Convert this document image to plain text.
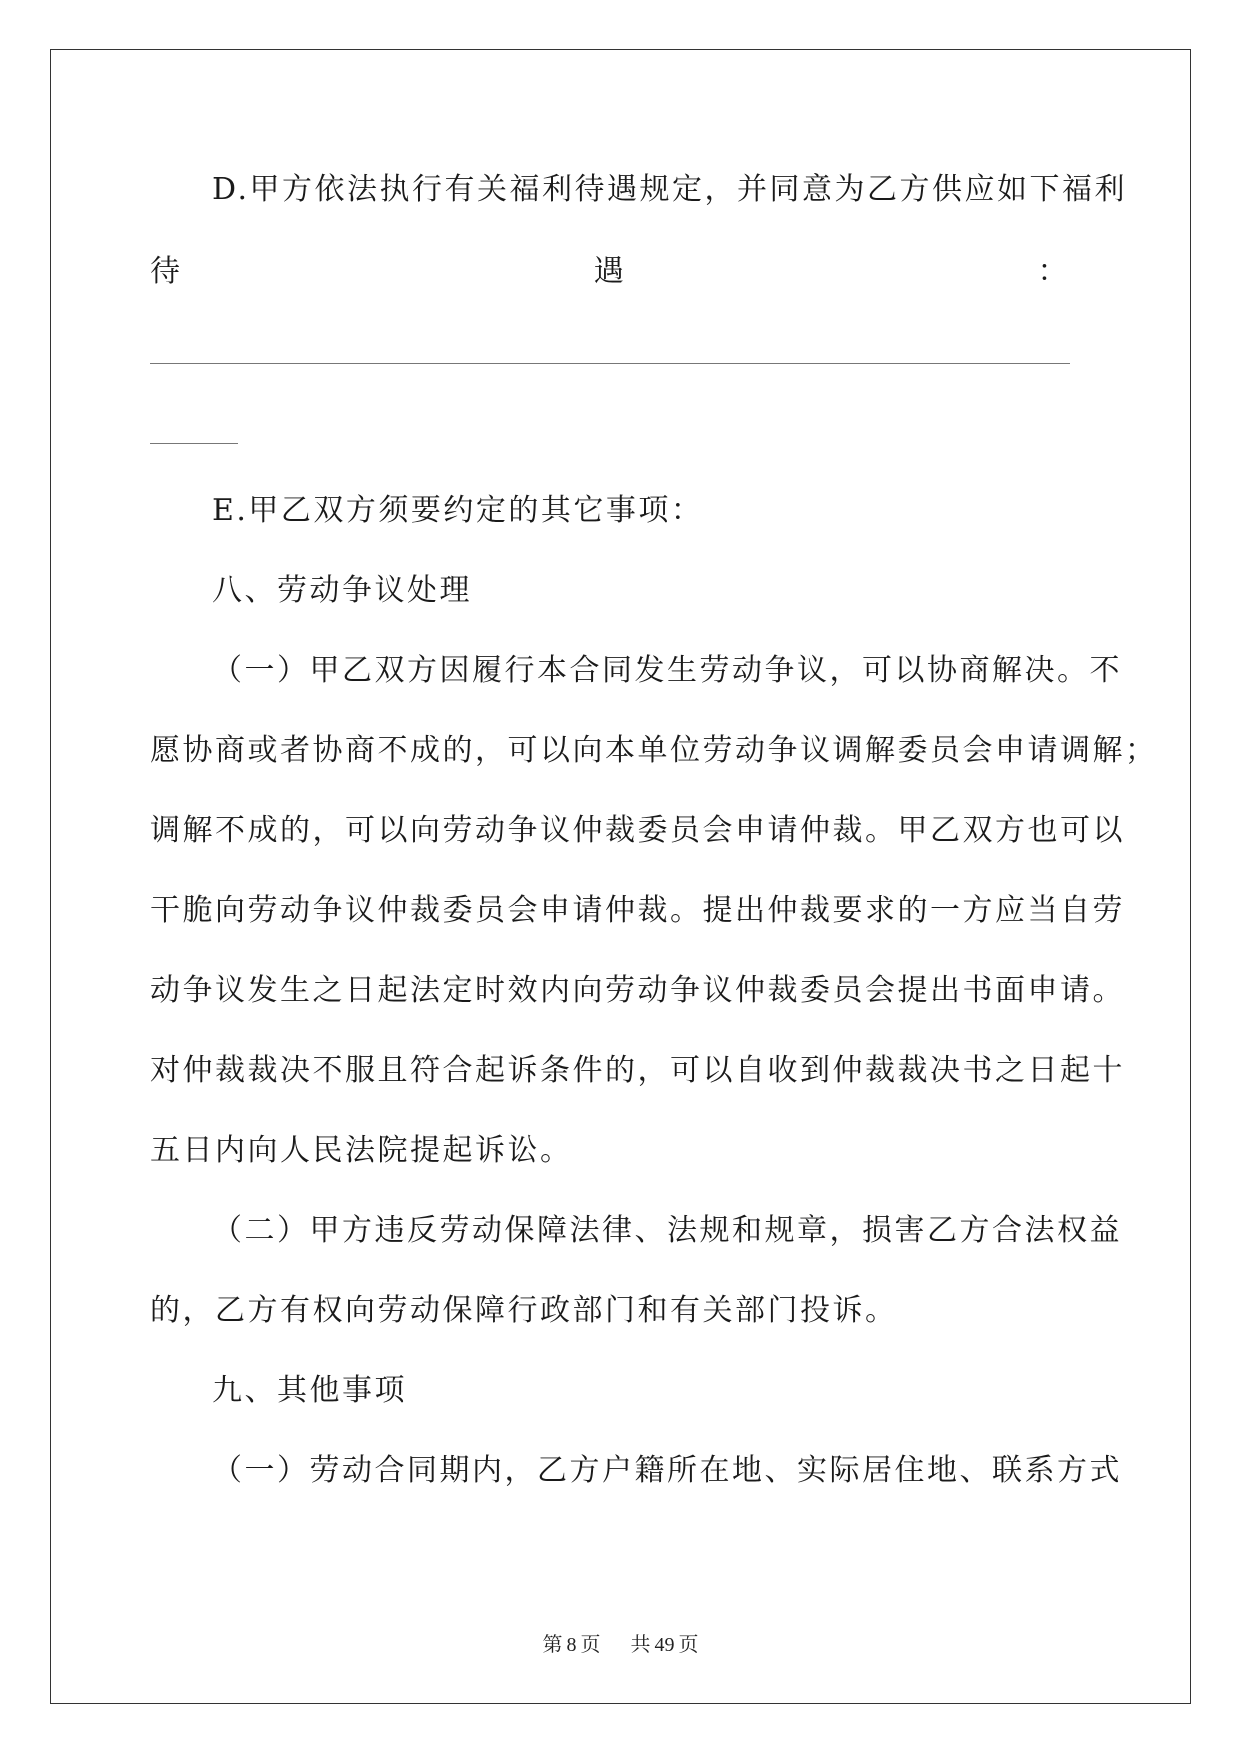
D.甲方依法执行有关福利待遇规定，并同意为乙方供应如下福利
待	遇	：
E.甲乙双方须要约定的其它事项：
八、劳动争议处理
（一）甲乙双方因履行本合同发生劳动争议，可以协商解决。不
愿协商或者协商不成的，可以向本单位劳动争议调解委员会申请调解；
调解不成的，可以向劳动争议仲裁委员会申请仲裁。甲乙双方也可以
干脆向劳动争议仲裁委员会申请仲裁。提出仲裁要求的一方应当自劳
动争议发生之日起法定时效内向劳动争议仲裁委员会提出书面申请。
对仲裁裁决不服且符合起诉条件的，可以自收到仲裁裁决书之日起十
五日内向人民法院提起诉讼。
（二）甲方违反劳动保障法律、法规和规章，损害乙方合法权益
的，乙方有权向劳动保障行政部门和有关部门投诉。
九、其他事项
（一）劳动合同期内，乙方户籍所在地、实际居住地、联系方式
第 8 页 共 49 页
